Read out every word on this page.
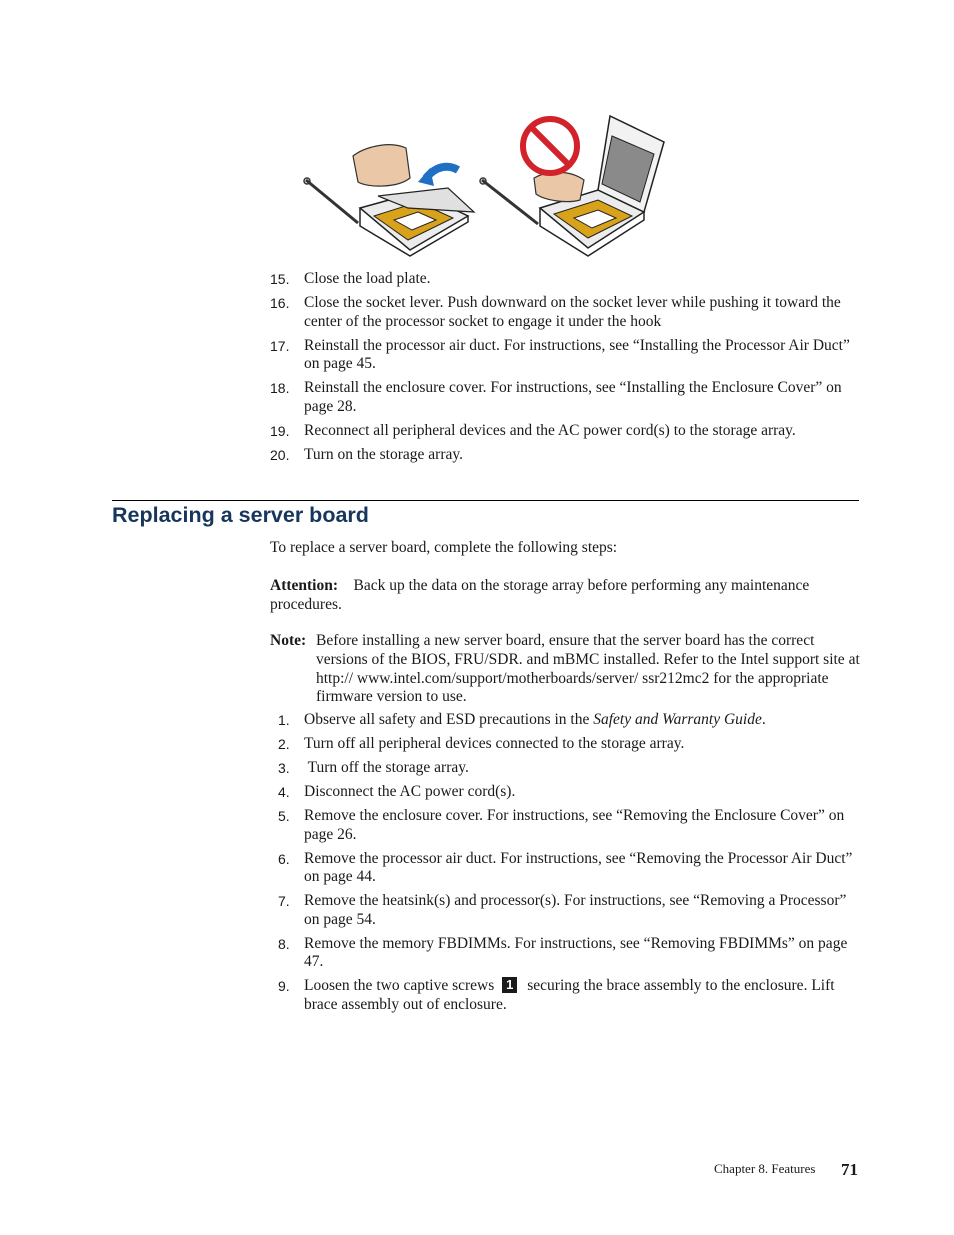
15. Close the load plate.
16. Close the socket lever. Push downward on the socket lever while pushing it toward the center of the processor socket to engage it under the hook
17. Reinstall the processor air duct. For instructions, see “Installing the Processor Air Duct” on page 45.
18. Reinstall the enclosure cover. For instructions, see “Installing the Enclosure Cover” on page 28.
19. Reconnect all peripheral devices and the AC power cord(s) to the storage array.
20. Turn on the storage array.
Replacing a server board
To replace a server board, complete the following steps:
Attention: Back up the data on the storage array before performing any maintenance procedures.
Note: Before installing a new server board, ensure that the server board has the correct versions of the BIOS, FRU/SDR. and mBMC installed. Refer to the Intel support site at http:// www.intel.com/support/motherboards/server/ ssr212mc2 for the appropriate firmware version to use.
1. Observe all safety and ESD precautions in the Safety and Warranty Guide.
2. Turn off all peripheral devices connected to the storage array.
3. Turn off the storage array.
4. Disconnect the AC power cord(s).
5. Remove the enclosure cover. For instructions, see “Removing the Enclosure Cover” on page 26.
6. Remove the processor air duct. For instructions, see “Removing the Processor Air Duct” on page 44.
7. Remove the heatsink(s) and processor(s). For instructions, see “Removing a Processor” on page 54.
8. Remove the memory FBDIMMs. For instructions, see “Removing FBDIMMs” on page 47.
9. Loosen the two captive screws 1 securing the brace assembly to the enclosure. Lift brace assembly out of enclosure.
Chapter 8. Features 71
